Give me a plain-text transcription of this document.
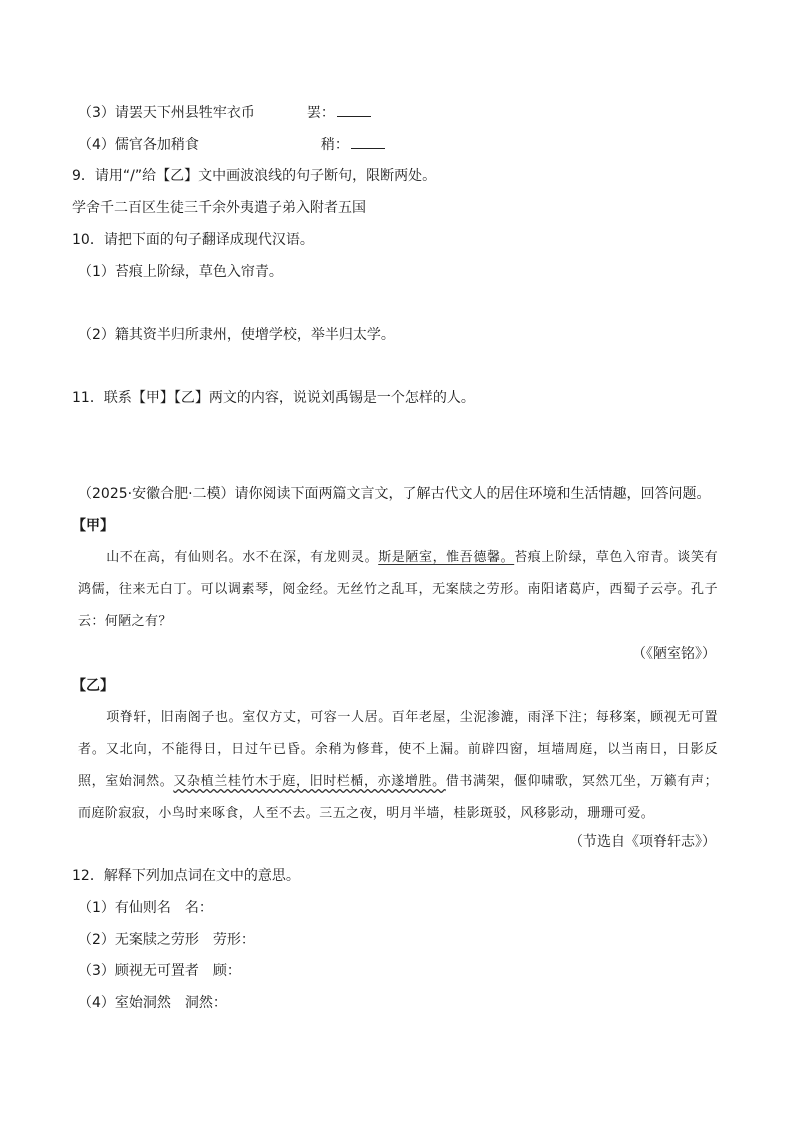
（3）请罢天下州县牲牢衣币	罢：
（4）儒官各加稍食	稍：
9．请用“/”给【乙】文中画波浪线的句子断句，限断两处。
学舍千二百区生徒三千余外夷遣子弟入附者五国
10．请把下面的句子翻译成现代汉语。
（1）苔痕上阶绿，草色入帘青。
（2）籍其资半归所隶州，使增学校，举半归太学。
11．联系【甲】【乙】两文的内容，说说刘禹锡是一个怎样的人。
（2025·安徽合肥·二模）请你阅读下面两篇文言文，了解古代文人的居住环境和生活情趣，回答问题。
【甲】
山不在高，有仙则名。水不在深，有龙则灵。斯是陋室，惟吾德馨。苔痕上阶绿，草色入帘青。谈笑有鸿儒，往来无白丁。可以调素琴，阅金经。无丝竹之乱耳，无案牍之劳形。南阳诸葛庐，西蜀子云亭。孔子云：何陋之有？
（《陋室铭》）
【乙】
项脊轩，旧南阁子也。室仅方丈，可容一人居。百年老屋，尘泥渗漉，雨泽下注；每移案，顾视无可置者。又北向，不能得日，日过午已昏。余稍为修葺，使不上漏。前辟四窗，垣墙周庭，以当南日，日影反照，室始洞然。又杂植兰桂竹木于庭，旧时栏楯，亦遂增胜。借书满架，偃仰啸歌，冥然兀坐，万籁有声；而庭阶寂寂，小鸟时来啄食，人至不去。三五之夜，明月半墙，桂影斑驳，风移影动，珊珊可爱。
（节选自《项脊轩志》）
12．解释下列加点词在文中的意思。
（1）有仙则名　名：
（2）无案牍之劳形　劳形：
（3）顾视无可置者　顾：
（4）室始洞然　洞然：
